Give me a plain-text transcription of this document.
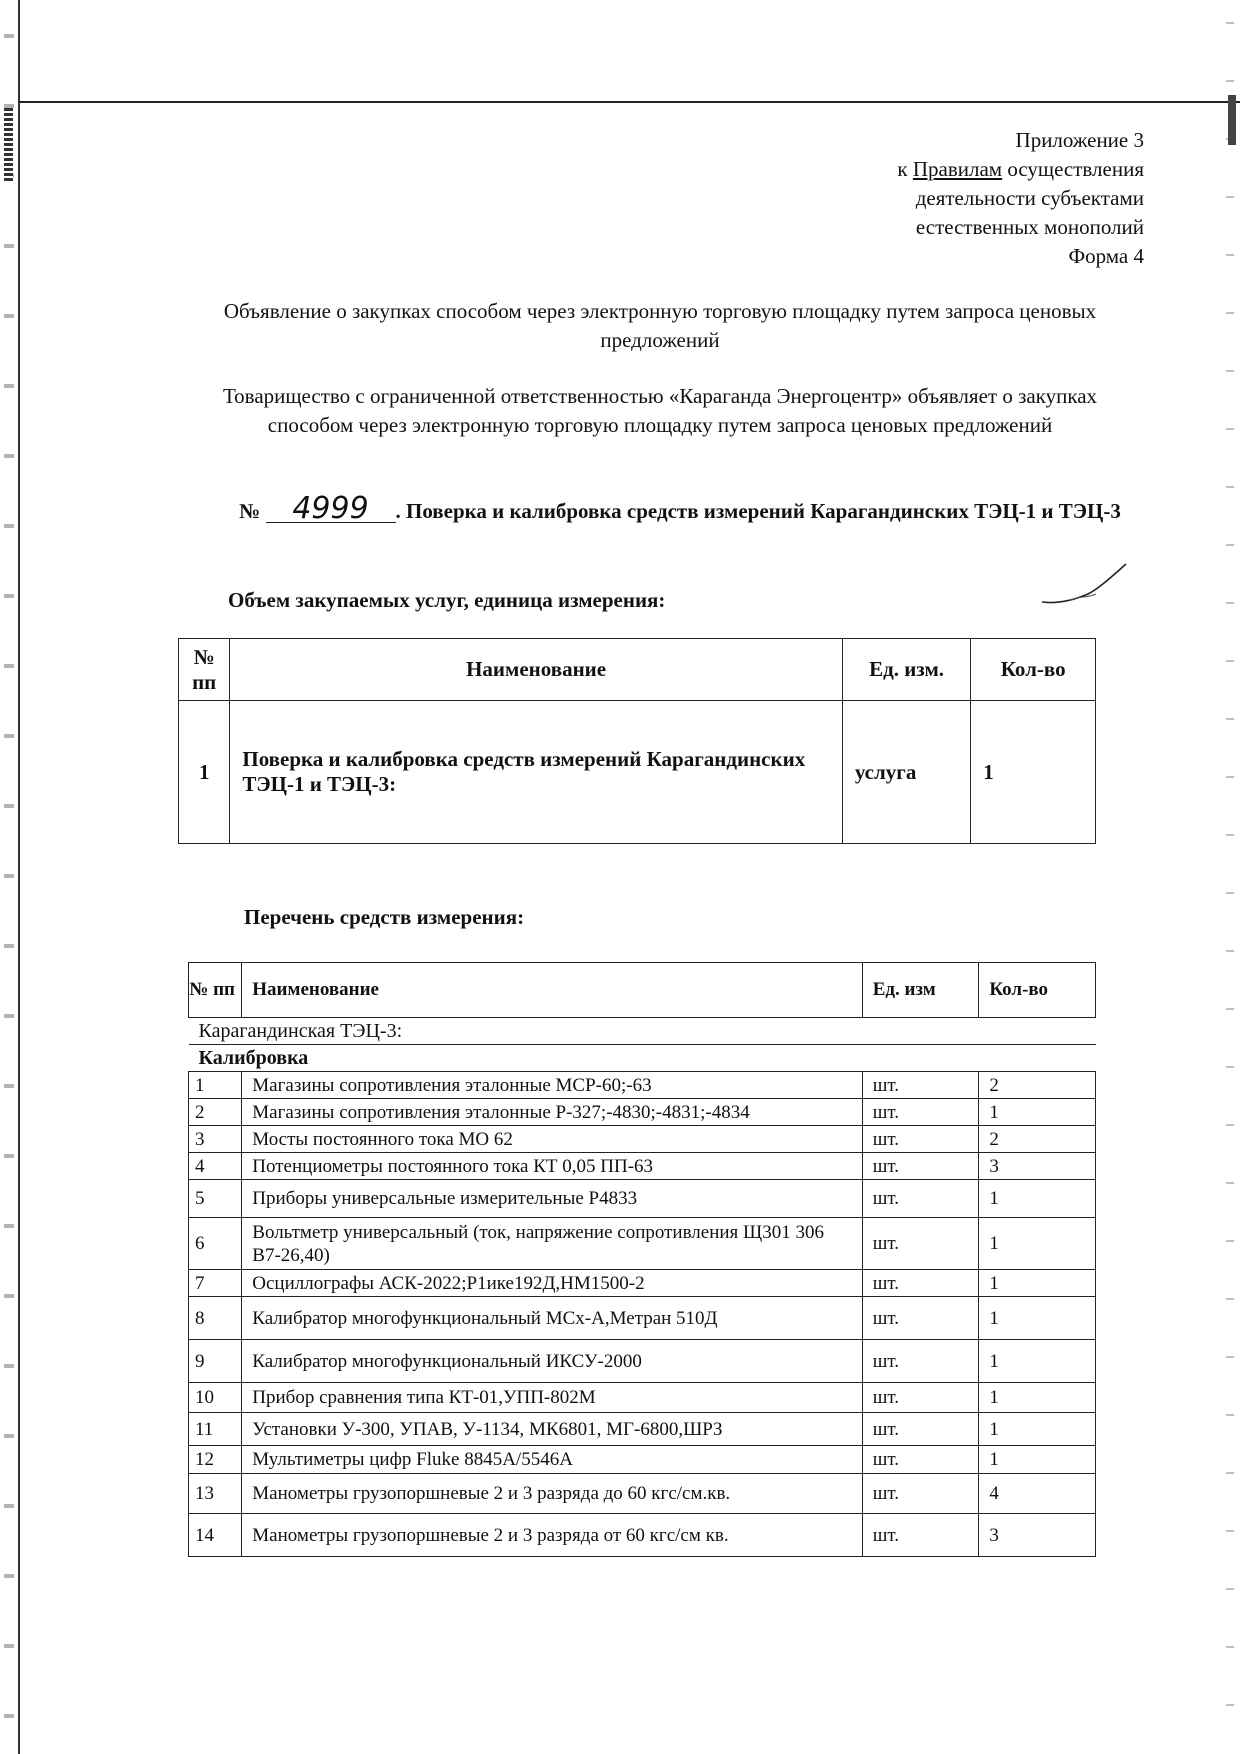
Приложение 3
к Правилам осуществления
деятельности субъектами
естественных монополий
Форма 4
Объявление о закупках способом через электронную торговую площадку путем запроса ценовых предложений
Товарищество с ограниченной ответственностью «Караганда Энергоцентр» объявляет о закупках способом через электронную торговую площадку путем запроса ценовых предложений
№ 4999 . Поверка и калибровка средств измерений Карагандинских ТЭЦ-1 и ТЭЦ-3
Объем закупаемых услуг, единица измерения:
№ пп	Наименование	Ед. изм.	Кол-во
1	Поверка и калибровка средств измерений Карагандинских ТЭЦ-1 и ТЭЦ-3:	услуга	1
Перечень средств измерения:
№ пп	Наименование	Ед. изм	Кол-во
Карагандинская ТЭЦ-3:			
Калибровка			
1	Магазины сопротивления эталонные МСР-60;-63	шт.	2
2	Магазины сопротивления эталонные Р-327;-4830;-4831;-4834	шт.	1
3	Мосты постоянного тока МО 62	шт.	2
4	Потенциометры постоянного тока КТ 0,05 ПП-63	шт.	3
5	Приборы универсальные измерительные Р4833	шт.	1
6	Вольтметр универсальный (ток, напряжение сопротивления Щ301 306 В7-26,40)	шт.	1
7	Осциллографы АСК-2022;Р1ике192Д,НМ1500-2	шт.	1
8	Калибратор многофункциональный МСх-А,Метран 510Д	шт.	1
9	Калибратор многофункциональный ИКСУ-2000	шт.	1
10	Прибор сравнения типа КТ-01,УПП-802М	шт.	1
11	Установки У-300, УПАВ, У-1134, МК6801, МГ-6800,ШРЗ	шт.	1
12	Мультиметры цифр Fluke 8845А/5546А	шт.	1
13	Манометры грузопоршневые 2 и 3 разряда до 60 кгс/см.кв.	шт.	4
14	Манометры грузопоршневые 2 и 3 разряда от 60 кгс/см кв.	шт.	3
